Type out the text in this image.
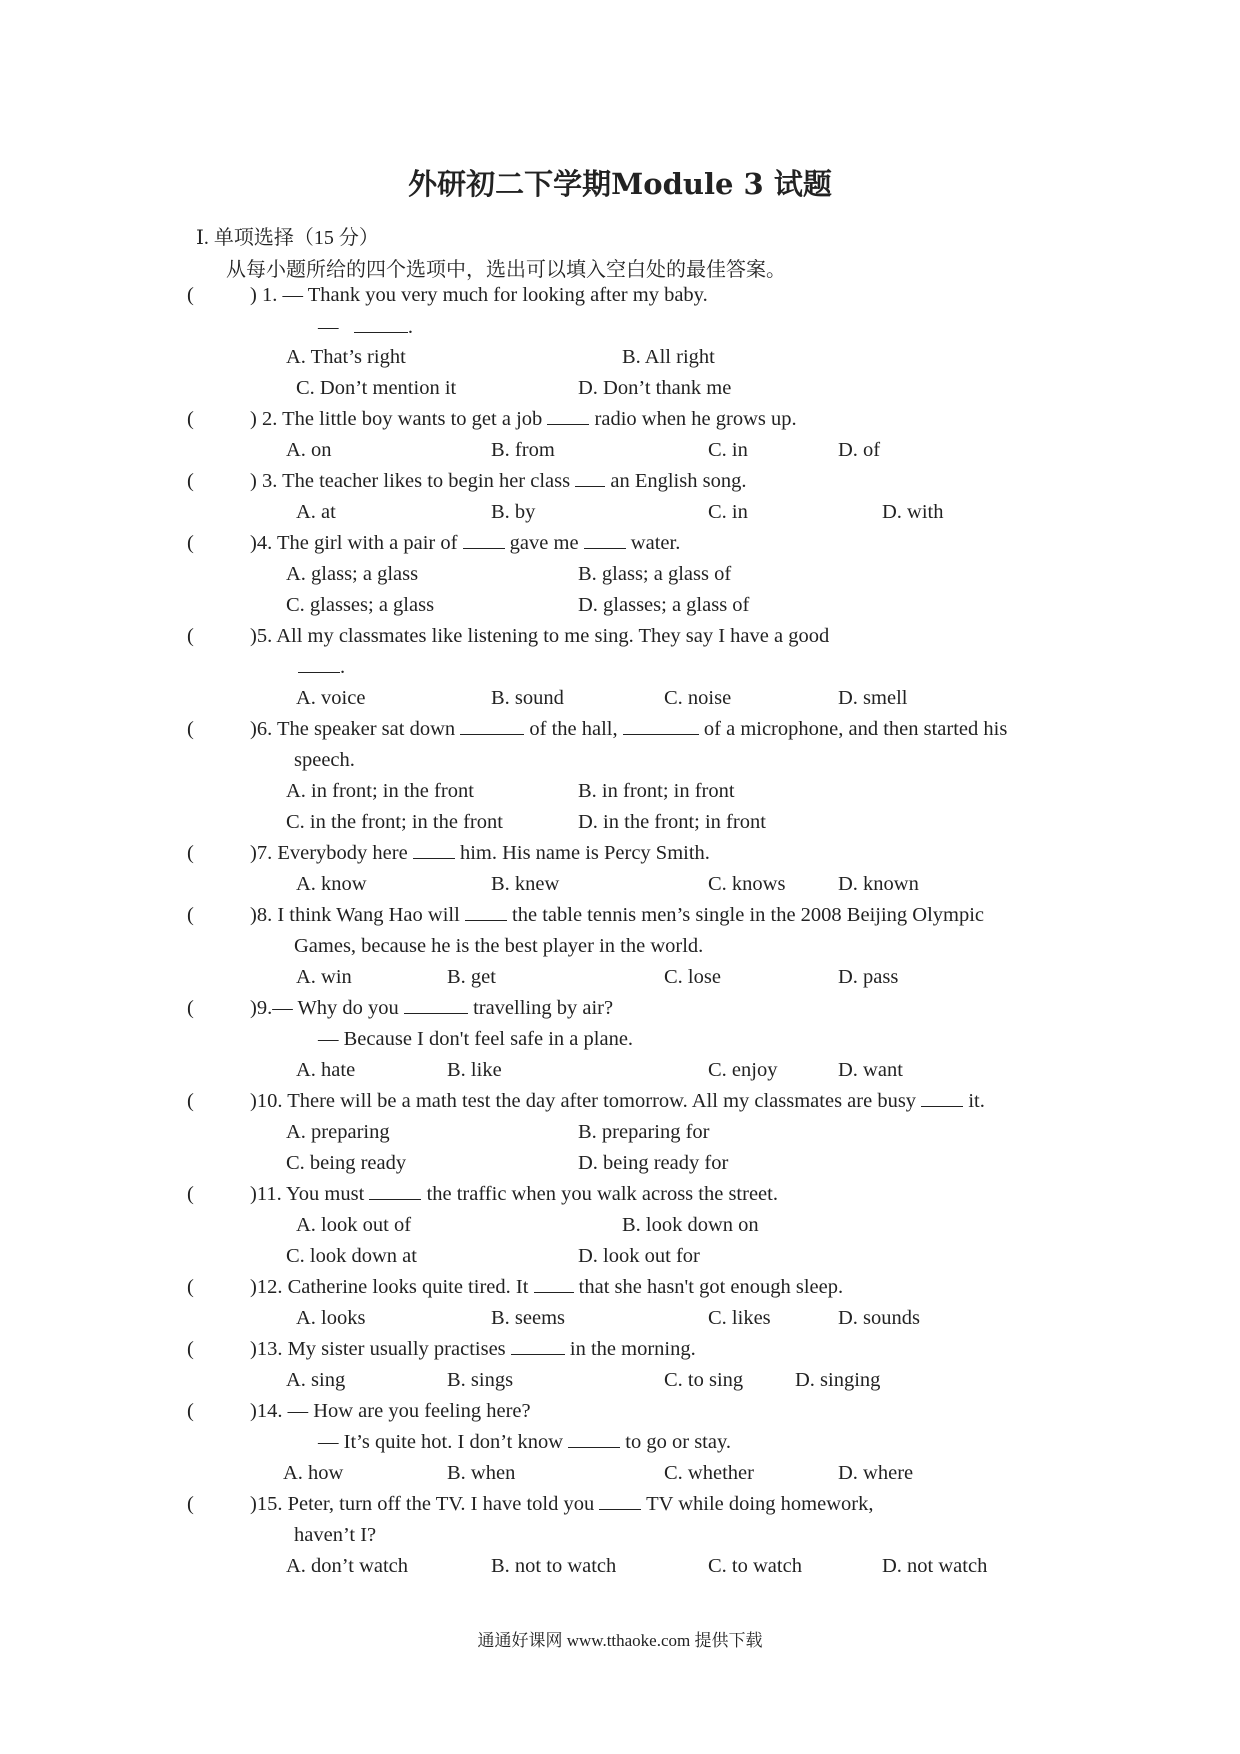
外研初二下学期Module 3 试题
Ⅰ. 单项选择（15 分）
从每小题所给的四个选项中，选出可以填入空白处的最佳答案。
(	) 1. — Thank you very much for looking after my baby.
—	.
A. That’s right	B. All right
C. Don’t mention it	D. Don’t thank me
(	) 2. The little boy wants to get a job	radio when he grows up.
A. on	B. from	C. in	D. of
(	) 3. The teacher likes to begin her class an English song.
A. at	B. by	C. in	D. with
(	)4. The girl with a pair of	gave me	water.
A. glass; a glass	B. glass; a glass of
C. glasses; a glass	D. glasses; a glass of
(	)5. All my classmates like listening to me sing. They say I have a good
.
A. voice	B. sound	C. noise	D. smell
(	)6. The speaker sat down	of the hall,	of a microphone, and then started his
speech.
A. in front; in the front	B. in front; in front
C. in the front; in the front	D. in the front; in front
(	)7. Everybody here	him. His name is Percy Smith.
A. know	B. knew	C. knows	D. known
(	)8. I think Wang Hao will	the table tennis men’s single in the 2008 Beijing Olympic
Games, because he is the best player in the world.
A. win	B. get	C. lose	D. pass
(	)9.— Why do you	travelling by air?
— Because I don't feel safe in a plane.
A. hate	B. like	C. enjoy	D. want
(	)10. There will be a math test the day after tomorrow. All my classmates are busy	it.
A. preparing	B. preparing for
C. being ready	D. being ready for
(	)11. You must	the traffic when you walk across the street.
A. look out of	B. look down on
C. look down at	D. look out for
(	)12. Catherine looks quite tired. It that she hasn't got enough sleep.
A. looks	B. seems	C. likes	D. sounds
(	)13. My sister usually practises	in the morning.
A. sing	B. sings	C. to sing	D. singing
(	)14. — How are you feeling here?
— It’s quite hot. I don’t know	to go or stay.
A. how	B. when	C. whether	D. where
(	)15. Peter, turn off the TV. I have told you	TV while doing homework,
haven’t I?
A. don’t watch	B. not to watch	C. to watch	D. not watch
通通好课网 www.tthaoke.com 提供下载
